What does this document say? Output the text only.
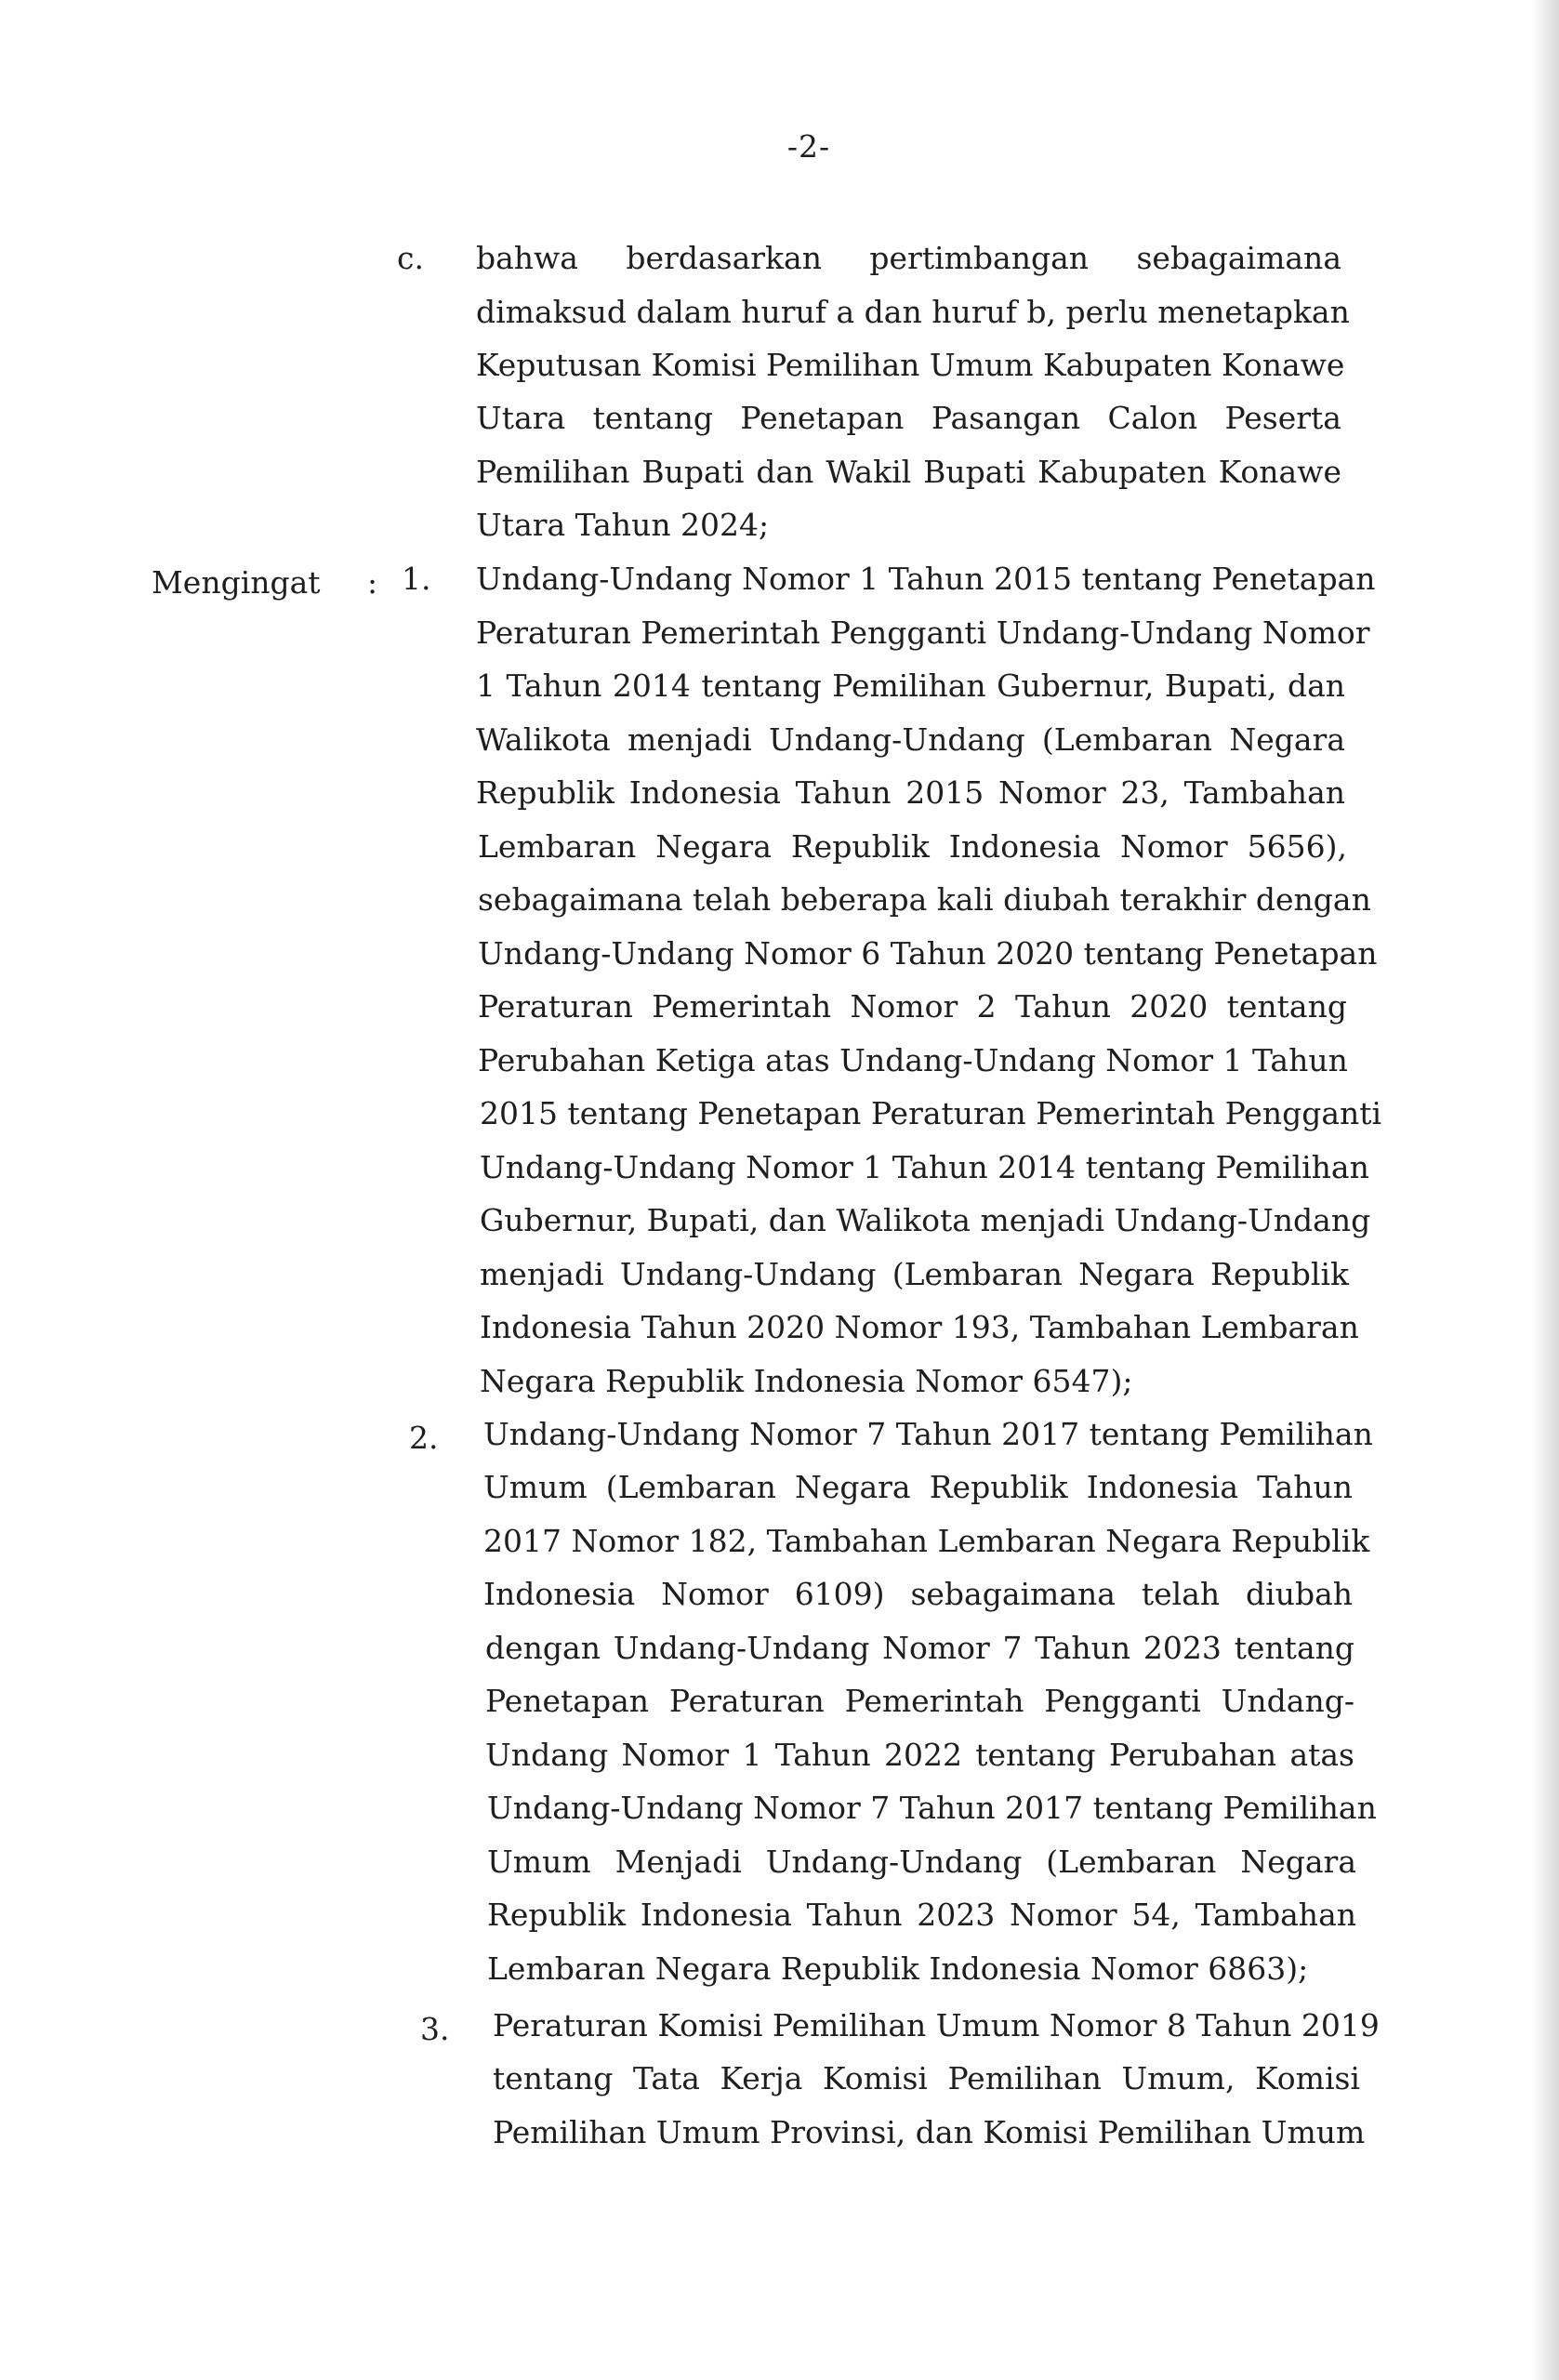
-2-
c. bahwa berdasarkan pertimbangan sebagaimana
dimaksud dalam huruf a dan huruf b, perlu menetapkan
Keputusan Komisi Pemilihan Umum Kabupaten Konawe
Utara tentang Penetapan Pasangan Calon Peserta
Pemilihan Bupati dan Wakil Bupati Kabupaten Konawe
Utara Tahun 2024;
Mengingat : 1. Undang-Undang Nomor 1 Tahun 2015 tentang Penetapan
Peraturan Pemerintah Pengganti Undang-Undang Nomor
1 Tahun 2014 tentang Pemilihan Gubernur, Bupati, dan
Walikota menjadi Undang-Undang (Lembaran Negara
Republik Indonesia Tahun 2015 Nomor 23, Tambahan
Lembaran Negara Republik Indonesia Nomor 5656),
sebagaimana telah beberapa kali diubah terakhir dengan
Undang-Undang Nomor 6 Tahun 2020 tentang Penetapan
Peraturan Pemerintah Nomor 2 Tahun 2020 tentang
Perubahan Ketiga atas Undang-Undang Nomor 1 Tahun
2015 tentang Penetapan Peraturan Pemerintah Pengganti
Undang-Undang Nomor 1 Tahun 2014 tentang Pemilihan
Gubernur, Bupati, dan Walikota menjadi Undang-Undang
menjadi Undang-Undang (Lembaran Negara Republik
Indonesia Tahun 2020 Nomor 193, Tambahan Lembaran
Negara Republik Indonesia Nomor 6547);
2. Undang-Undang Nomor 7 Tahun 2017 tentang Pemilihan
Umum (Lembaran Negara Republik Indonesia Tahun
2017 Nomor 182, Tambahan Lembaran Negara Republik
Indonesia Nomor 6109) sebagaimana telah diubah
dengan Undang-Undang Nomor 7 Tahun 2023 tentang
Penetapan Peraturan Pemerintah Pengganti Undang-
Undang Nomor 1 Tahun 2022 tentang Perubahan atas
Undang-Undang Nomor 7 Tahun 2017 tentang Pemilihan
Umum Menjadi Undang-Undang (Lembaran Negara
Republik Indonesia Tahun 2023 Nomor 54, Tambahan
Lembaran Negara Republik Indonesia Nomor 6863);
3. Peraturan Komisi Pemilihan Umum Nomor 8 Tahun 2019
tentang Tata Kerja Komisi Pemilihan Umum, Komisi
Pemilihan Umum Provinsi, dan Komisi Pemilihan Umum
